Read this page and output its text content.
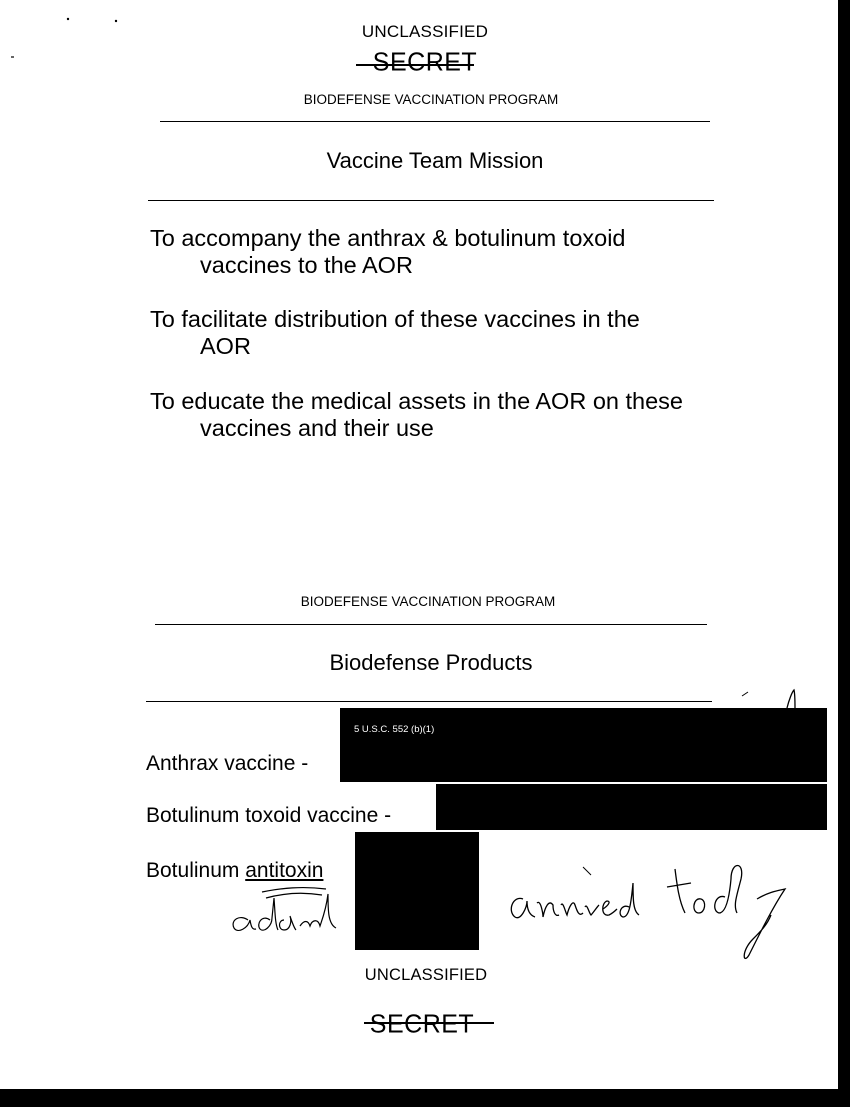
UNCLASSIFIED
SECRET
BIODEFENSE VACCINATION PROGRAM
Vaccine Team Mission
To accompany the anthrax & botulinum toxoid
vaccines to the AOR
To facilitate distribution of these vaccines in the
AOR
To educate the medical assets in the AOR on these
vaccines and their use
BIODEFENSE VACCINATION PROGRAM
Biodefense Products
5 U.S.C. 552 (b)(1)
Anthrax vaccine -
Botulinum toxoid vaccine -
Botulinum antitoxin
UNCLASSIFIED
SECRET
